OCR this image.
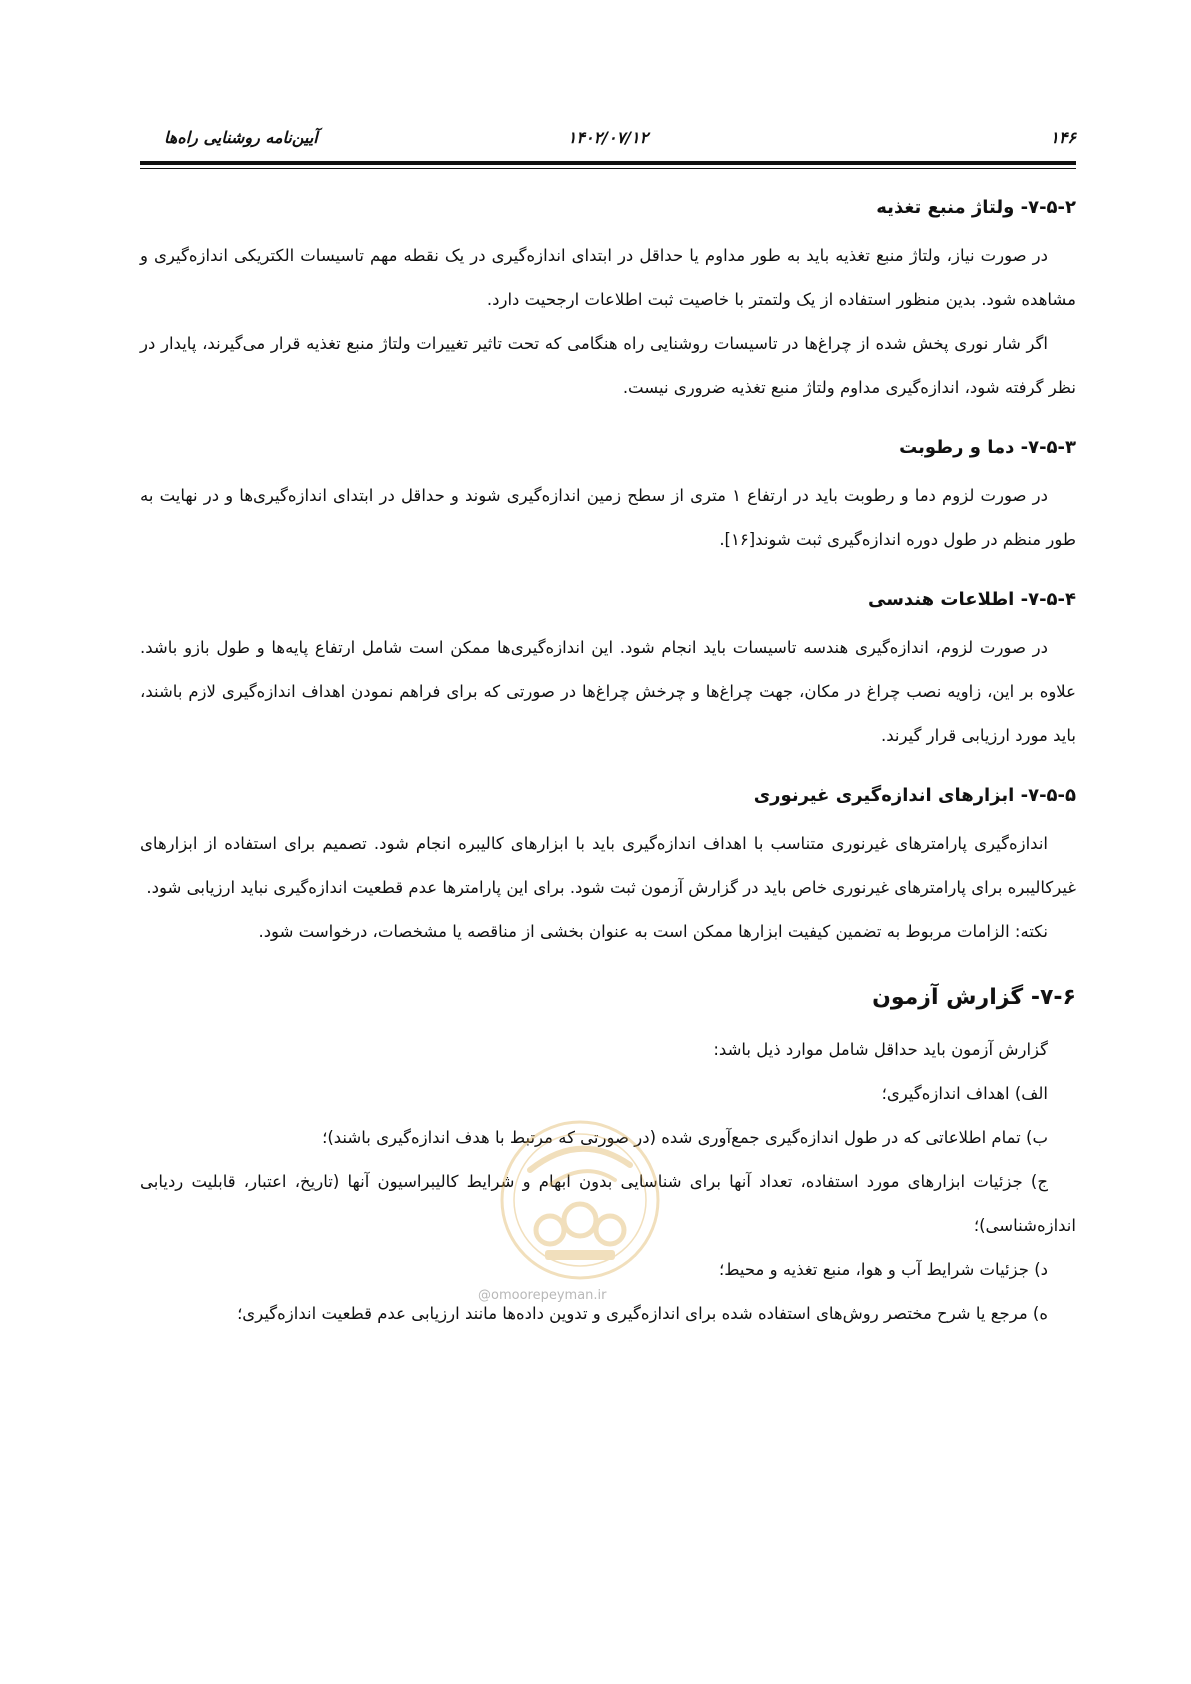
۱۴۶
۱۴۰۲/۰۷/۱۲
آیین‌نامه روشنایی راه‌ها
۷-۵-۲- ولتاژ منبع تغذیه

در صورت نیاز، ولتاژ منبع تغذیه باید به طور مداوم یا حداقل در ابتدای اندازه‌گیری در یک نقطه مهم تاسیسات الکتریکی اندازه‌گیری و مشاهده شود. بدین منظور استفاده از یک ولتمتر با خاصیت ثبت اطلاعات ارجحیت دارد.

اگر شار نوری پخش شده از چراغ‌ها در تاسیسات روشنایی راه هنگامی که تحت تاثیر تغییرات ولتاژ منبع تغذیه قرار می‌گیرند، پایدار در نظر گرفته شود، اندازه‌گیری مداوم ولتاژ منبع تغذیه ضروری نیست.

۷-۵-۳- دما و رطوبت

در صورت لزوم دما و رطوبت باید در ارتفاع ۱ متری از سطح زمین اندازه‌گیری شوند و حداقل در ابتدای اندازه‌گیری‌ها و در نهایت به طور منظم در طول دوره اندازه‌گیری ثبت شوند[۱۶].

۷-۵-۴- اطلاعات هندسی

در صورت لزوم، اندازه‌گیری هندسه تاسیسات باید انجام شود. این اندازه‌گیری‌ها ممکن است شامل ارتفاع پایه‌ها و طول بازو باشد. علاوه بر این، زاویه نصب چراغ در مکان، جهت چراغ‌ها و چرخش چراغ‌ها در صورتی که برای فراهم نمودن اهداف اندازه‌گیری لازم باشند، باید مورد ارزیابی قرار گیرند.

۷-۵-۵- ابزارهای اندازه‌گیری غیرنوری

اندازه‌گیری پارامترهای غیرنوری متناسب با اهداف اندازه‌گیری باید با ابزارهای کالیبره انجام شود. تصمیم برای استفاده از ابزارهای غیرکالیبره برای پارامترهای غیرنوری خاص باید در گزارش آزمون ثبت شود. برای این پارامترها عدم قطعیت اندازه‌گیری نباید ارزیابی شود.

نکته: الزامات مربوط به تضمین کیفیت ابزارها ممکن است به عنوان بخشی از مناقصه یا مشخصات، درخواست شود.

۷-۶- گزارش آزمون

گزارش آزمون باید حداقل شامل موارد ذیل باشد:

الف) اهداف اندازه‌گیری؛

ب) تمام اطلاعاتی که در طول اندازه‌گیری جمع‌آوری شده (در صورتی که مرتبط با هدف اندازه‌گیری باشند)؛

ج) جزئیات ابزارهای مورد استفاده، تعداد آنها برای شناسایی بدون ابهام و شرایط کالیبراسیون آنها (تاریخ، اعتبار، قابلیت ردیابی اندازه‌شناسی)؛

د) جزئیات شرایط آب و هوا، منبع تغذیه و محیط؛

ه) مرجع یا شرح مختصر روش‌های استفاده شده برای اندازه‌گیری و تدوین داده‌ها مانند ارزیابی عدم قطعیت اندازه‌گیری؛

@omoorepeyman.ir
